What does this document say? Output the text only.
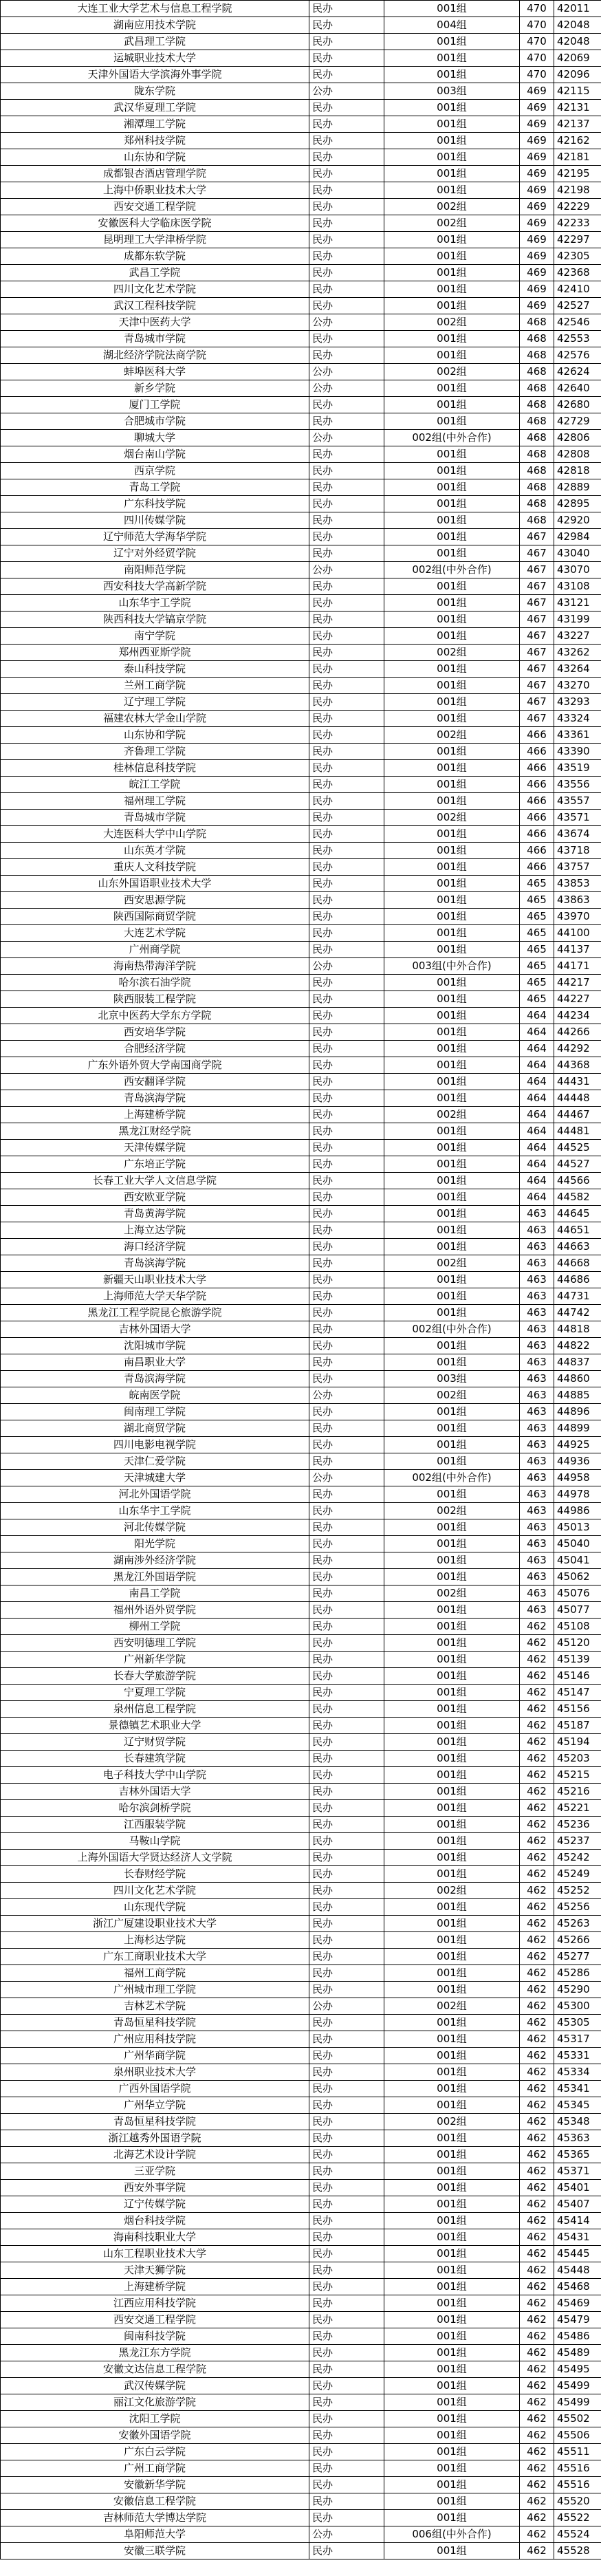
大连工业大学艺术与信息工程学院	民办	001组	470	42011
湖南应用技术学院	民办	004组	470	42048
武昌理工学院	民办	001组	470	42048
运城职业技术大学	民办	001组	470	42069
天津外国语大学滨海外事学院	民办	001组	470	42096
陇东学院	公办	003组	469	42115
武汉华夏理工学院	民办	001组	469	42131
湘潭理工学院	民办	001组	469	42137
郑州科技学院	民办	001组	469	42162
山东协和学院	民办	001组	469	42181
成都银杏酒店管理学院	民办	001组	469	42195
上海中侨职业技术大学	民办	001组	469	42198
西安交通工程学院	民办	002组	469	42229
安徽医科大学临床医学院	民办	002组	469	42233
昆明理工大学津桥学院	民办	001组	469	42297
成都东软学院	民办	001组	469	42305
武昌工学院	民办	001组	469	42368
四川文化艺术学院	民办	001组	469	42410
武汉工程科技学院	民办	001组	469	42527
天津中医药大学	公办	002组	468	42546
青岛城市学院	民办	001组	468	42553
湖北经济学院法商学院	民办	001组	468	42576
蚌埠医科大学	公办	002组	468	42624
新乡学院	公办	001组	468	42640
厦门工学院	民办	001组	468	42680
合肥城市学院	民办	001组	468	42729
聊城大学	公办	002组(中外合作)	468	42806
烟台南山学院	民办	001组	468	42808
西京学院	民办	001组	468	42818
青岛工学院	民办	001组	468	42889
广东科技学院	民办	001组	468	42895
四川传媒学院	民办	001组	468	42920
辽宁师范大学海华学院	民办	001组	467	42984
辽宁对外经贸学院	民办	001组	467	43040
南阳师范学院	公办	002组(中外合作)	467	43070
西安科技大学高新学院	民办	001组	467	43108
山东华宇工学院	民办	001组	467	43121
陕西科技大学镐京学院	民办	001组	467	43199
南宁学院	民办	001组	467	43227
郑州西亚斯学院	民办	002组	467	43262
泰山科技学院	民办	001组	467	43264
兰州工商学院	民办	001组	467	43270
辽宁理工学院	民办	001组	467	43293
福建农林大学金山学院	民办	001组	467	43324
山东协和学院	民办	002组	466	43361
齐鲁理工学院	民办	001组	466	43390
桂林信息科技学院	民办	001组	466	43519
皖江工学院	民办	001组	466	43556
福州理工学院	民办	001组	466	43557
青岛城市学院	民办	002组	466	43571
大连医科大学中山学院	民办	001组	466	43674
山东英才学院	民办	001组	466	43718
重庆人文科技学院	民办	001组	466	43757
山东外国语职业技术大学	民办	001组	465	43853
西安思源学院	民办	001组	465	43863
陕西国际商贸学院	民办	001组	465	43970
大连艺术学院	民办	001组	465	44100
广州商学院	民办	001组	465	44137
海南热带海洋学院	公办	003组(中外合作)	465	44171
哈尔滨石油学院	民办	001组	465	44217
陕西服装工程学院	民办	001组	465	44227
北京中医药大学东方学院	民办	001组	464	44234
西安培华学院	民办	001组	464	44266
合肥经济学院	民办	001组	464	44292
广东外语外贸大学南国商学院	民办	001组	464	44368
西安翻译学院	民办	001组	464	44431
青岛滨海学院	民办	001组	464	44448
上海建桥学院	民办	002组	464	44467
黑龙江财经学院	民办	001组	464	44481
天津传媒学院	民办	001组	464	44525
广东培正学院	民办	001组	464	44527
长春工业大学人文信息学院	民办	001组	464	44566
西安欧亚学院	民办	001组	464	44582
青岛黄海学院	民办	001组	463	44645
上海立达学院	民办	001组	463	44651
海口经济学院	民办	001组	463	44663
青岛滨海学院	民办	002组	463	44668
新疆天山职业技术大学	民办	001组	463	44686
上海师范大学天华学院	民办	001组	463	44731
黑龙江工程学院昆仑旅游学院	民办	001组	463	44742
吉林外国语大学	民办	002组(中外合作)	463	44818
沈阳城市学院	民办	001组	463	44822
南昌职业大学	民办	001组	463	44837
青岛滨海学院	民办	003组	463	44860
皖南医学院	公办	002组	463	44885
闽南理工学院	民办	001组	463	44896
湖北商贸学院	民办	001组	463	44899
四川电影电视学院	民办	001组	463	44925
天津仁爱学院	民办	001组	463	44936
天津城建大学	公办	002组(中外合作)	463	44958
河北外国语学院	民办	001组	463	44978
山东华宇工学院	民办	002组	463	44986
河北传媒学院	民办	001组	463	45013
阳光学院	民办	001组	463	45040
湖南涉外经济学院	民办	001组	463	45041
黑龙江外国语学院	民办	001组	463	45062
南昌工学院	民办	002组	463	45076
福州外语外贸学院	民办	001组	463	45077
柳州工学院	民办	001组	462	45108
西安明德理工学院	民办	001组	462	45120
广州新华学院	民办	001组	462	45139
长春大学旅游学院	民办	001组	462	45146
宁夏理工学院	民办	001组	462	45147
泉州信息工程学院	民办	001组	462	45156
景德镇艺术职业大学	民办	001组	462	45187
辽宁财贸学院	民办	001组	462	45194
长春建筑学院	民办	001组	462	45203
电子科技大学中山学院	民办	001组	462	45215
吉林外国语大学	民办	001组	462	45216
哈尔滨剑桥学院	民办	001组	462	45221
江西服装学院	民办	001组	462	45236
马鞍山学院	民办	001组	462	45237
上海外国语大学贤达经济人文学院	民办	001组	462	45242
长春财经学院	民办	001组	462	45249
四川文化艺术学院	民办	002组	462	45252
山东现代学院	民办	001组	462	45256
浙江广厦建设职业技术大学	民办	001组	462	45263
上海杉达学院	民办	001组	462	45266
广东工商职业技术大学	民办	001组	462	45277
福州工商学院	民办	001组	462	45286
广州城市理工学院	民办	001组	462	45290
吉林艺术学院	公办	002组	462	45300
青岛恒星科技学院	民办	001组	462	45305
广州应用科技学院	民办	001组	462	45317
广州华商学院	民办	001组	462	45331
泉州职业技术大学	民办	001组	462	45334
广西外国语学院	民办	001组	462	45341
广州华立学院	民办	001组	462	45345
青岛恒星科技学院	民办	002组	462	45348
浙江越秀外国语学院	民办	001组	462	45363
北海艺术设计学院	民办	001组	462	45365
三亚学院	民办	001组	462	45371
西安外事学院	民办	001组	462	45401
辽宁传媒学院	民办	001组	462	45407
烟台科技学院	民办	001组	462	45414
海南科技职业大学	民办	001组	462	45431
山东工程职业技术大学	民办	001组	462	45445
天津天狮学院	民办	001组	462	45448
上海建桥学院	民办	001组	462	45468
江西应用科技学院	民办	001组	462	45469
西安交通工程学院	民办	001组	462	45479
闽南科技学院	民办	001组	462	45486
黑龙江东方学院	民办	001组	462	45489
安徽文达信息工程学院	民办	001组	462	45495
武汉传媒学院	民办	001组	462	45499
丽江文化旅游学院	民办	001组	462	45499
沈阳工学院	民办	001组	462	45502
安徽外国语学院	民办	001组	462	45506
广东白云学院	民办	001组	462	45511
广州工商学院	民办	001组	462	45516
安徽新华学院	民办	001组	462	45516
安徽信息工程学院	民办	001组	462	45520
吉林师范大学博达学院	民办	001组	462	45522
阜阳师范大学	公办	006组(中外合作)	462	45524
安徽三联学院	民办	001组	462	45528
